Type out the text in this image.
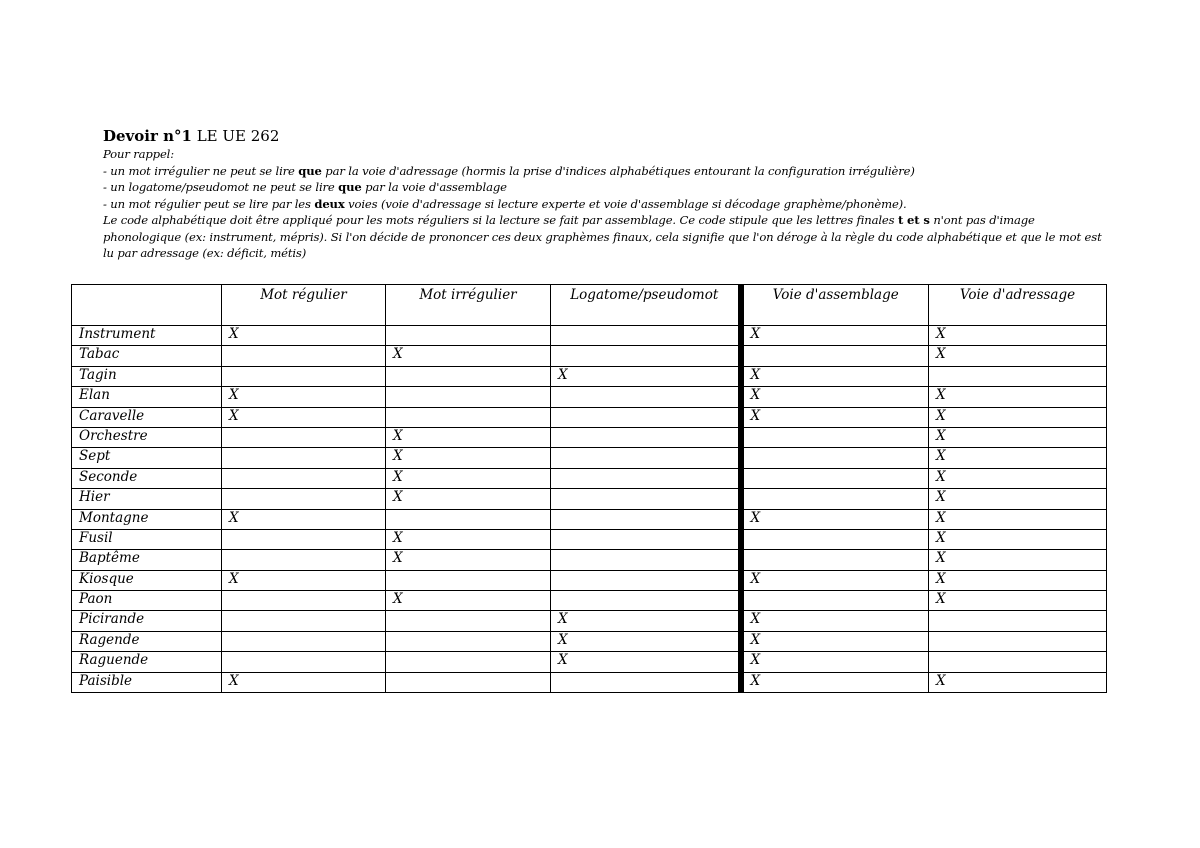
Devoir n°1 LE UE 262
Pour rappel:
- un mot irrégulier ne peut se lire que par la voie d'adressage (hormis la prise d'indices alphabétiques entourant la configuration irrégulière)
- un logatome/pseudomot ne peut se lire que par la voie d'assemblage
- un mot régulier peut se lire par les deux voies (voie d'adressage si lecture experte et voie d'assemblage si décodage graphème/phonème).
Le code alphabétique doit être appliqué pour les mots réguliers si la lecture se fait par assemblage. Ce code stipule que les lettres finales t et s n'ont pas d'image phonologique (ex: instrument, mépris). Si l'on décide de prononcer ces deux graphèmes finaux, cela signifie que l'on déroge à la règle du code alphabétique et que le mot est lu par adressage (ex: déficit, métis)
	Mot régulier	Mot irrégulier	Logatome/pseudomot	Voie d'assemblage	Voie d'adressage
Instrument	X			X	X
Tabac		X			X
Tagin			X	X	
Elan	X			X	X
Caravelle	X			X	X
Orchestre		X			X
Sept		X			X
Seconde		X			X
Hier		X			X
Montagne	X			X	X
Fusil		X			X
Baptême		X			X
Kiosque	X			X	X
Paon		X			X
Picirande			X	X	
Ragende			X	X	
Raguende			X	X	
Paisible	X			X	X
